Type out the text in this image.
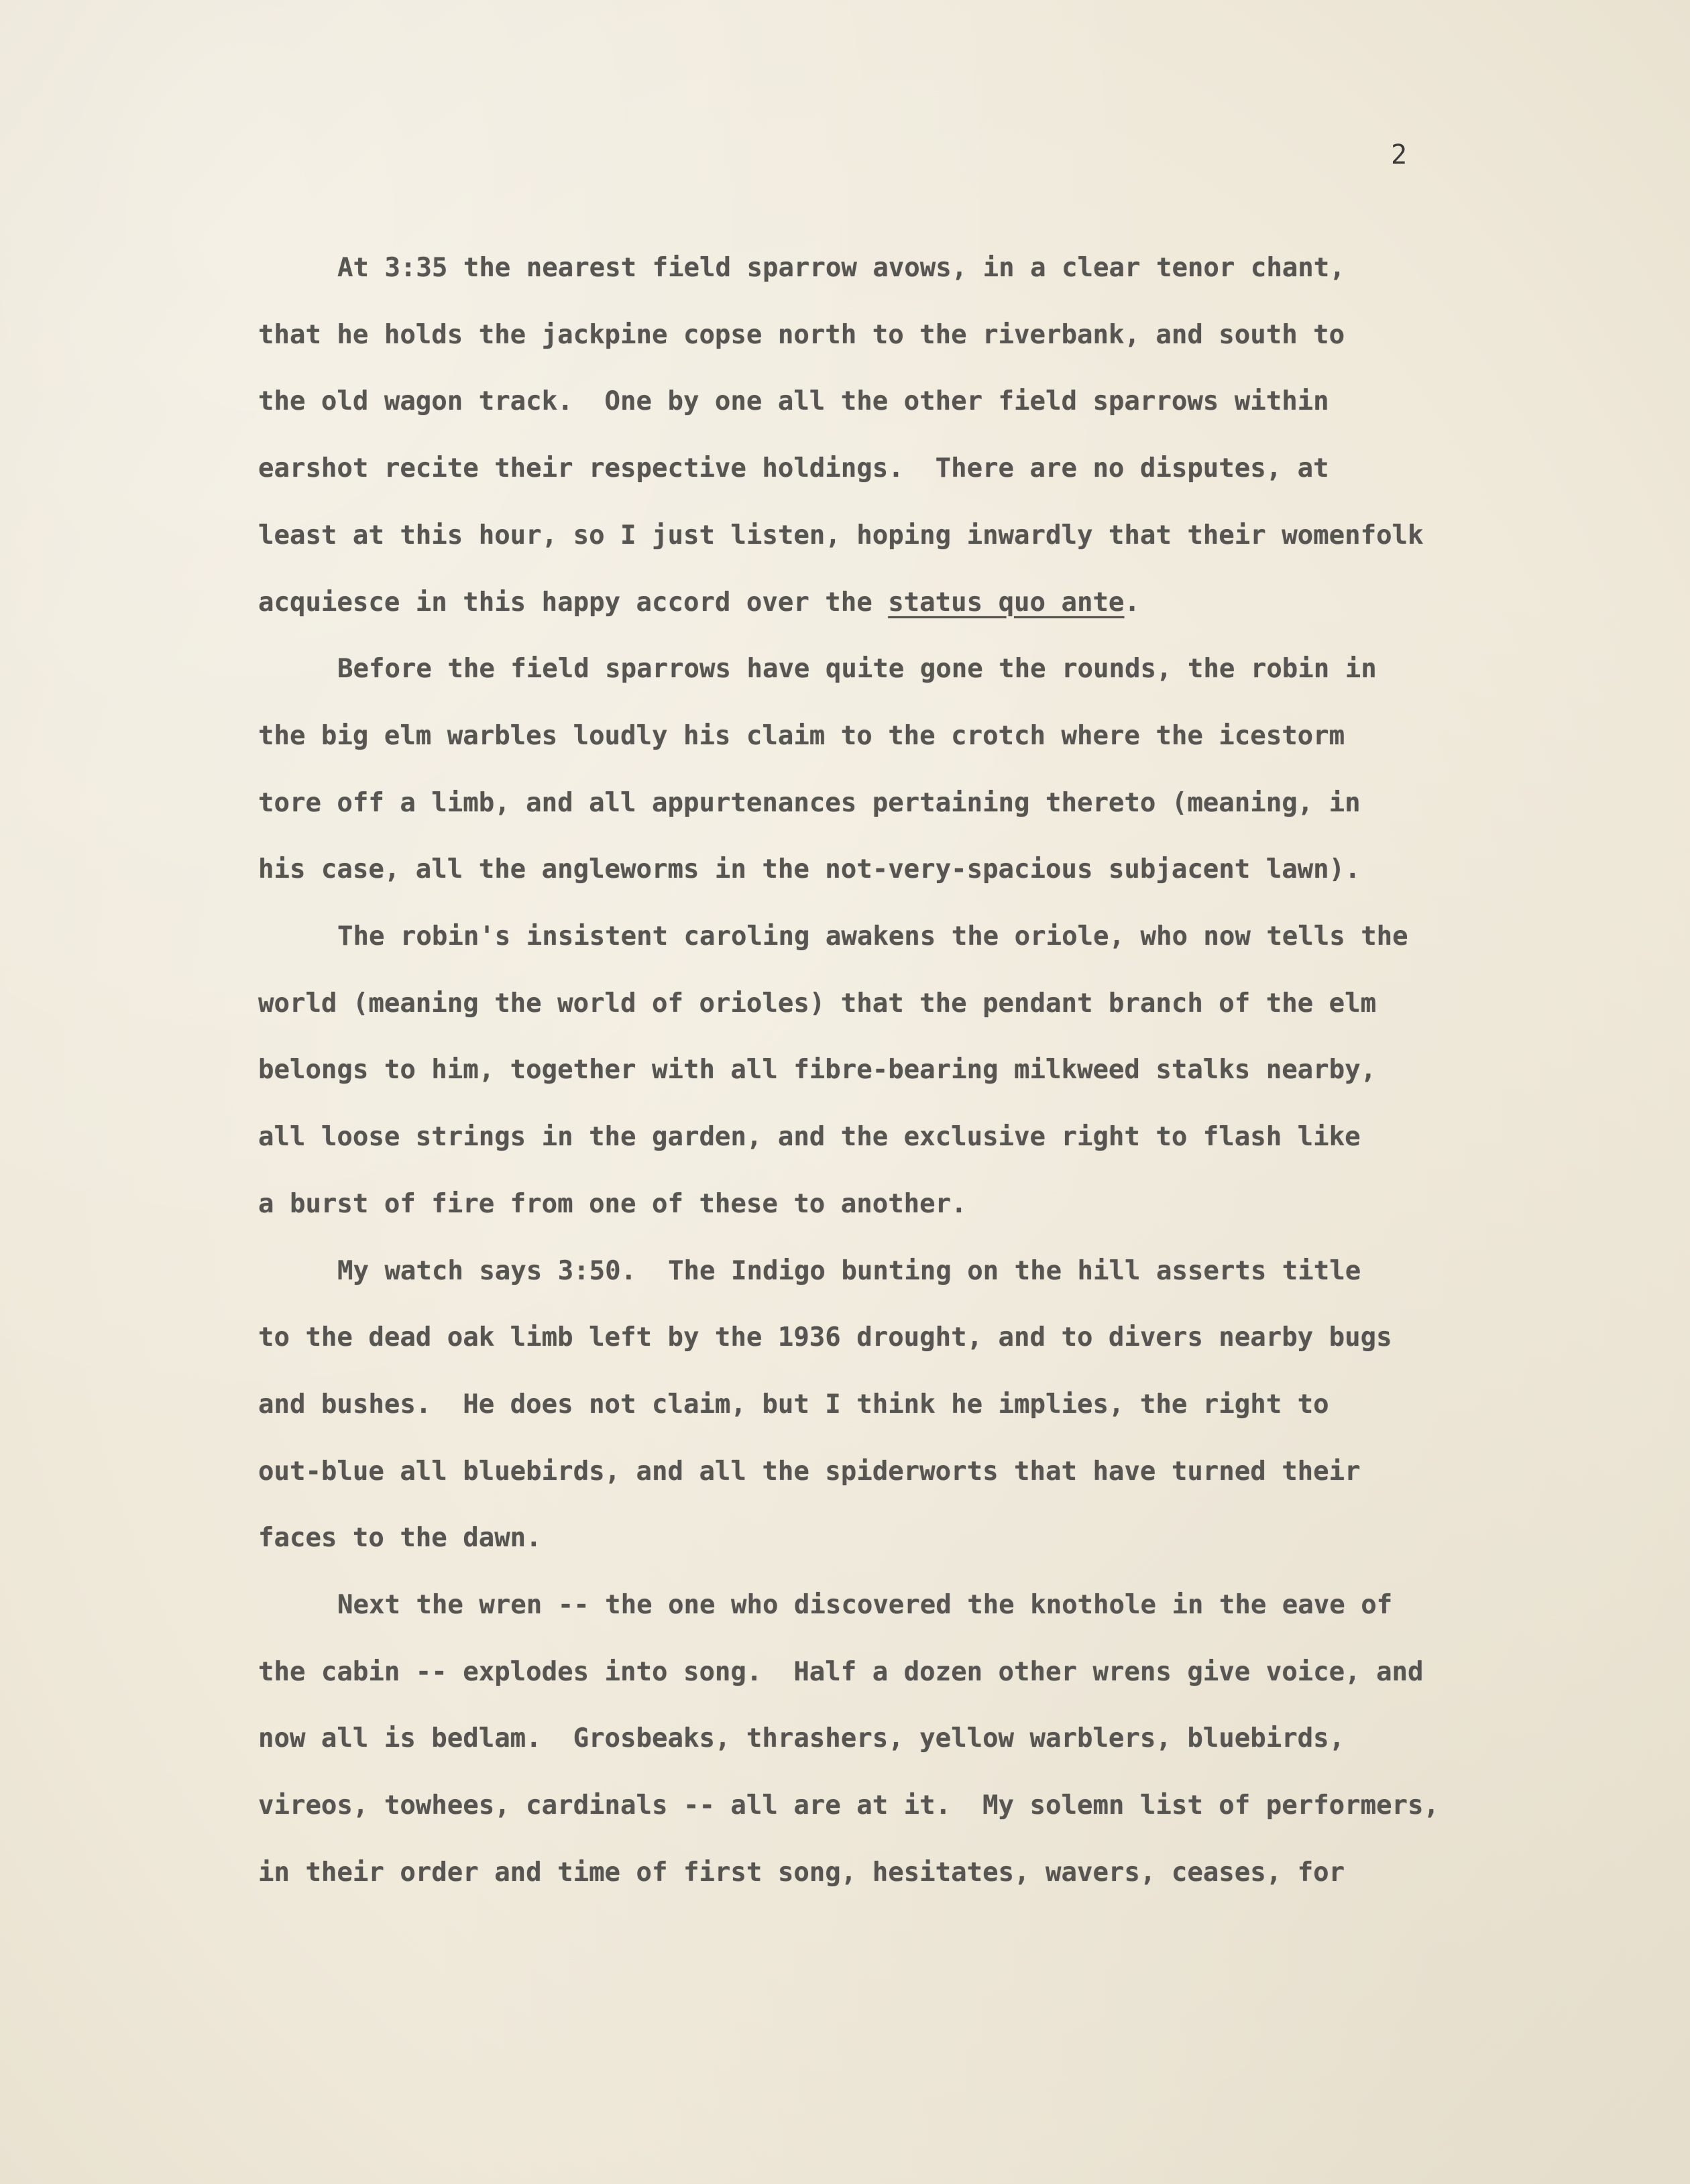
2
At 3:35 the nearest field sparrow avows, in a clear tenor chant,
that he holds the jackpine copse north to the riverbank, and south to
the old wagon track.  One by one all the other field sparrows within
earshot recite their respective holdings.  There are no disputes, at
least at this hour, so I just listen, hoping inwardly that their womenfolk
acquiesce in this happy accord over the status quo ante.
Before the field sparrows have quite gone the rounds, the robin in
the big elm warbles loudly his claim to the crotch where the icestorm
tore off a limb, and all appurtenances pertaining thereto (meaning, in
his case, all the angleworms in the not-very-spacious subjacent lawn).
The robin's insistent caroling awakens the oriole, who now tells the
world (meaning the world of orioles) that the pendant branch of the elm
belongs to him, together with all fibre-bearing milkweed stalks nearby,
all loose strings in the garden, and the exclusive right to flash like
a burst of fire from one of these to another.
My watch says 3:50.  The Indigo bunting on the hill asserts title
to the dead oak limb left by the 1936 drought, and to divers nearby bugs
and bushes.  He does not claim, but I think he implies, the right to
out-blue all bluebirds, and all the spiderworts that have turned their
faces to the dawn.
Next the wren -- the one who discovered the knothole in the eave of
the cabin -- explodes into song.  Half a dozen other wrens give voice, and
now all is bedlam.  Grosbeaks, thrashers, yellow warblers, bluebirds,
vireos, towhees, cardinals -- all are at it.  My solemn list of performers,
in their order and time of first song, hesitates, wavers, ceases, for
